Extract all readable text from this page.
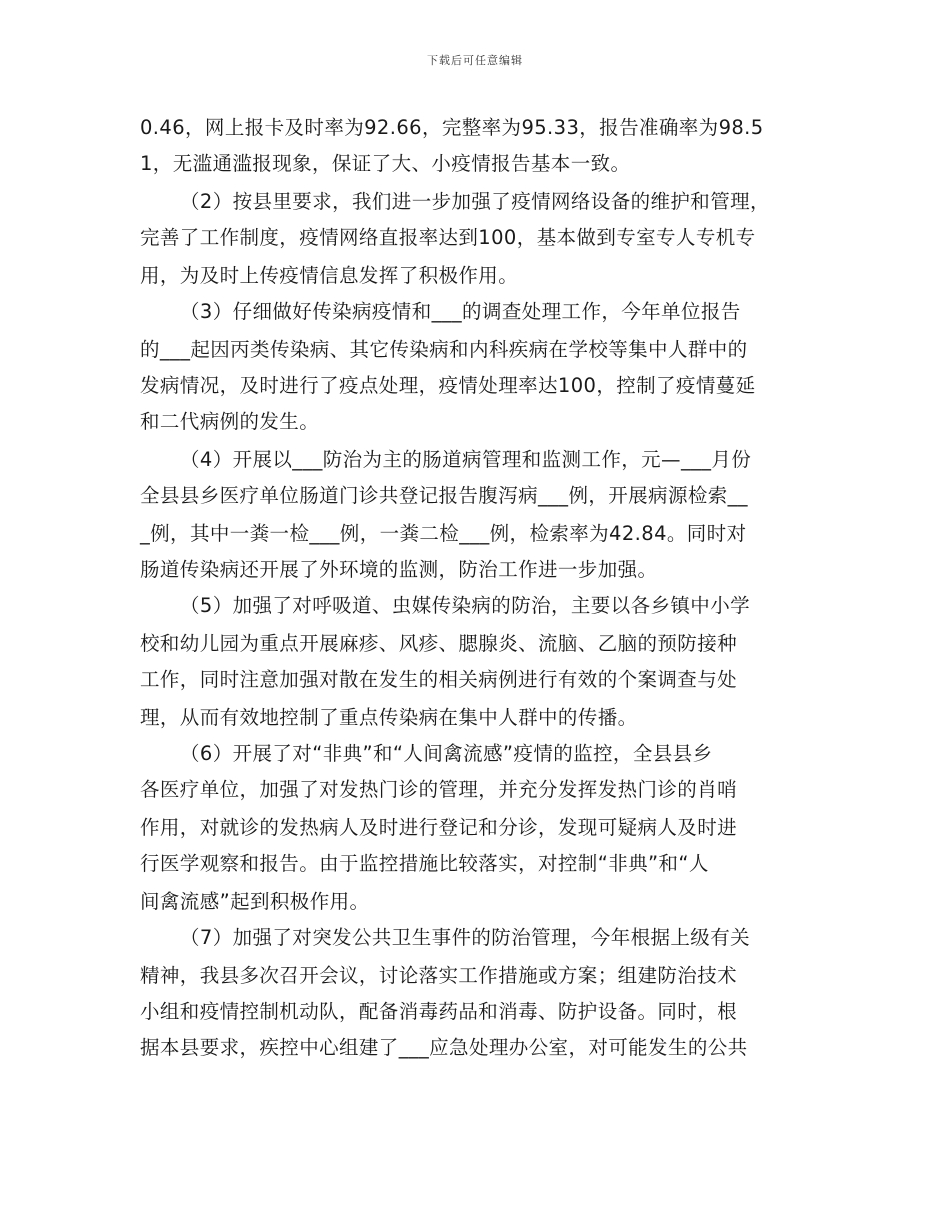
下载后可任意编辑
0.46，网上报卡及时率为92.66，完整率为95.33，报告准确率为98.5
1，无滥通滥报现象，保证了大、小疫情报告基本一致。
（2）按县里要求，我们进一步加强了疫情网络设备的维护和管理，
完善了工作制度，疫情网络直报率达到100，基本做到专室专人专机专
用，为及时上传疫情信息发挥了积极作用。
（3）仔细做好传染病疫情和___的调查处理工作，今年单位报告
的___起因丙类传染病、其它传染病和内科疾病在学校等集中人群中的
发病情况，及时进行了疫点处理，疫情处理率达100，控制了疫情蔓延
和二代病例的发生。
（4）开展以___防治为主的肠道病管理和监测工作，元—___月份
全县县乡医疗单位肠道门诊共登记报告腹泻病___例，开展病源检索__
_例，其中一粪一检___例，一粪二检___例，检索率为42.84。同时对
肠道传染病还开展了外环境的监测，防治工作进一步加强。
（5）加强了对呼吸道、虫媒传染病的防治，主要以各乡镇中小学
校和幼儿园为重点开展麻疹、风疹、腮腺炎、流脑、乙脑的预防接种
工作，同时注意加强对散在发生的相关病例进行有效的个案调查与处
理，从而有效地控制了重点传染病在集中人群中的传播。
（6）开展了对“非典”和“人间禽流感”疫情的监控，全县县乡
各医疗单位，加强了对发热门诊的管理，并充分发挥发热门诊的肖哨
作用，对就诊的发热病人及时进行登记和分诊，发现可疑病人及时进
行医学观察和报告。由于监控措施比较落实，对控制“非典”和“人
间禽流感”起到积极作用。
（7）加强了对突发公共卫生事件的防治管理，今年根据上级有关
精神，我县多次召开会议，讨论落实工作措施或方案；组建防治技术
小组和疫情控制机动队，配备消毒药品和消毒、防护设备。同时，根
据本县要求，疾控中心组建了___应急处理办公室，对可能发生的公共
